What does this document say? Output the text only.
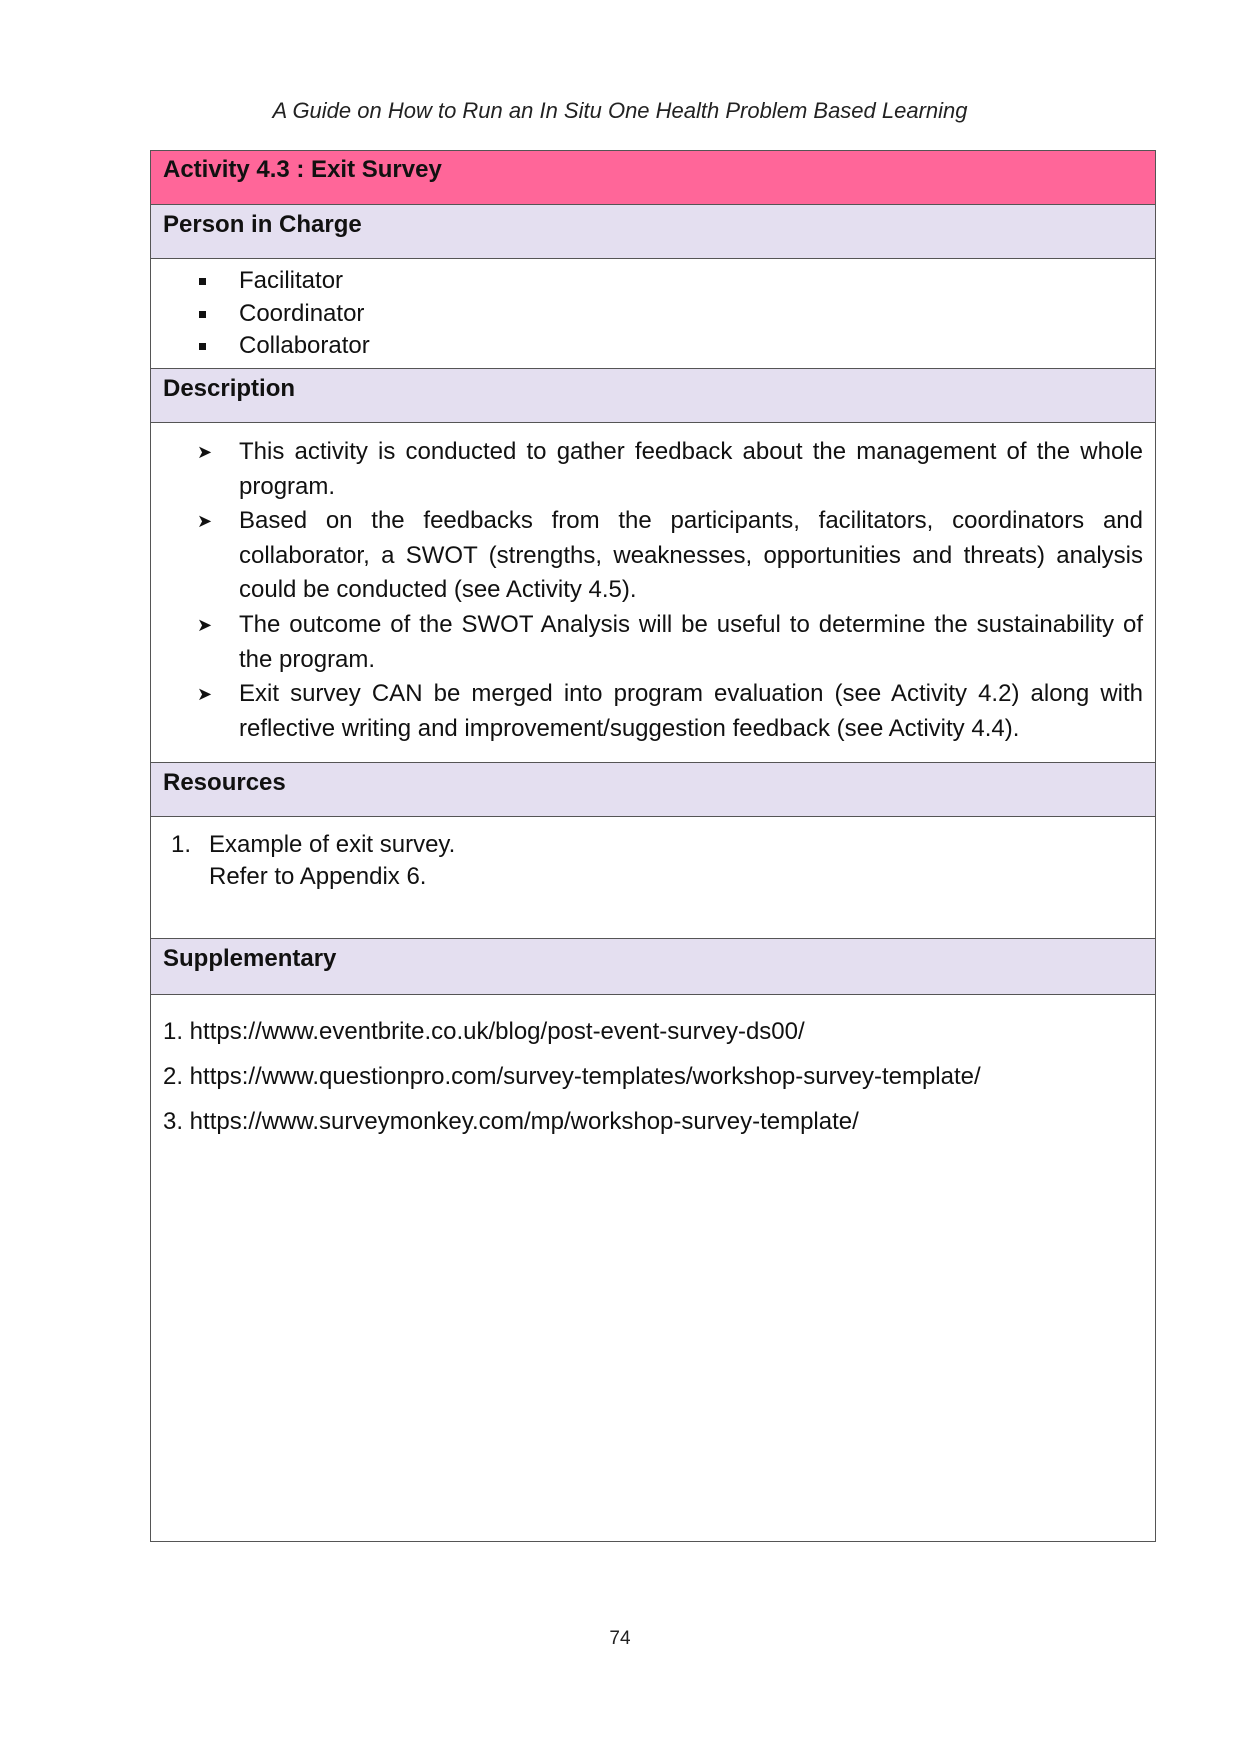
A Guide on How to Run an In Situ One Health Problem Based Learning
Activity 4.3 : Exit Survey
Person in Charge
Facilitator
Coordinator
Collaborator
Description
➤ This activity is conducted to gather feedback about the management of the whole program.
➤ Based on the feedbacks from the participants, facilitators, coordinators and collaborator, a SWOT (strengths, weaknesses, opportunities and threats) analysis could be conducted (see Activity 4.5).
➤ The outcome of the SWOT Analysis will be useful to determine the sustainability of the program.
➤ Exit survey CAN be merged into program evaluation (see Activity 4.2) along with reflective writing and improvement/suggestion feedback (see Activity 4.4).
Resources
1. Example of exit survey.
Refer to Appendix 6.
Supplementary
1. https://www.eventbrite.co.uk/blog/post-event-survey-ds00/
2. https://www.questionpro.com/survey-templates/workshop-survey-template/
3. https://www.surveymonkey.com/mp/workshop-survey-template/
74
